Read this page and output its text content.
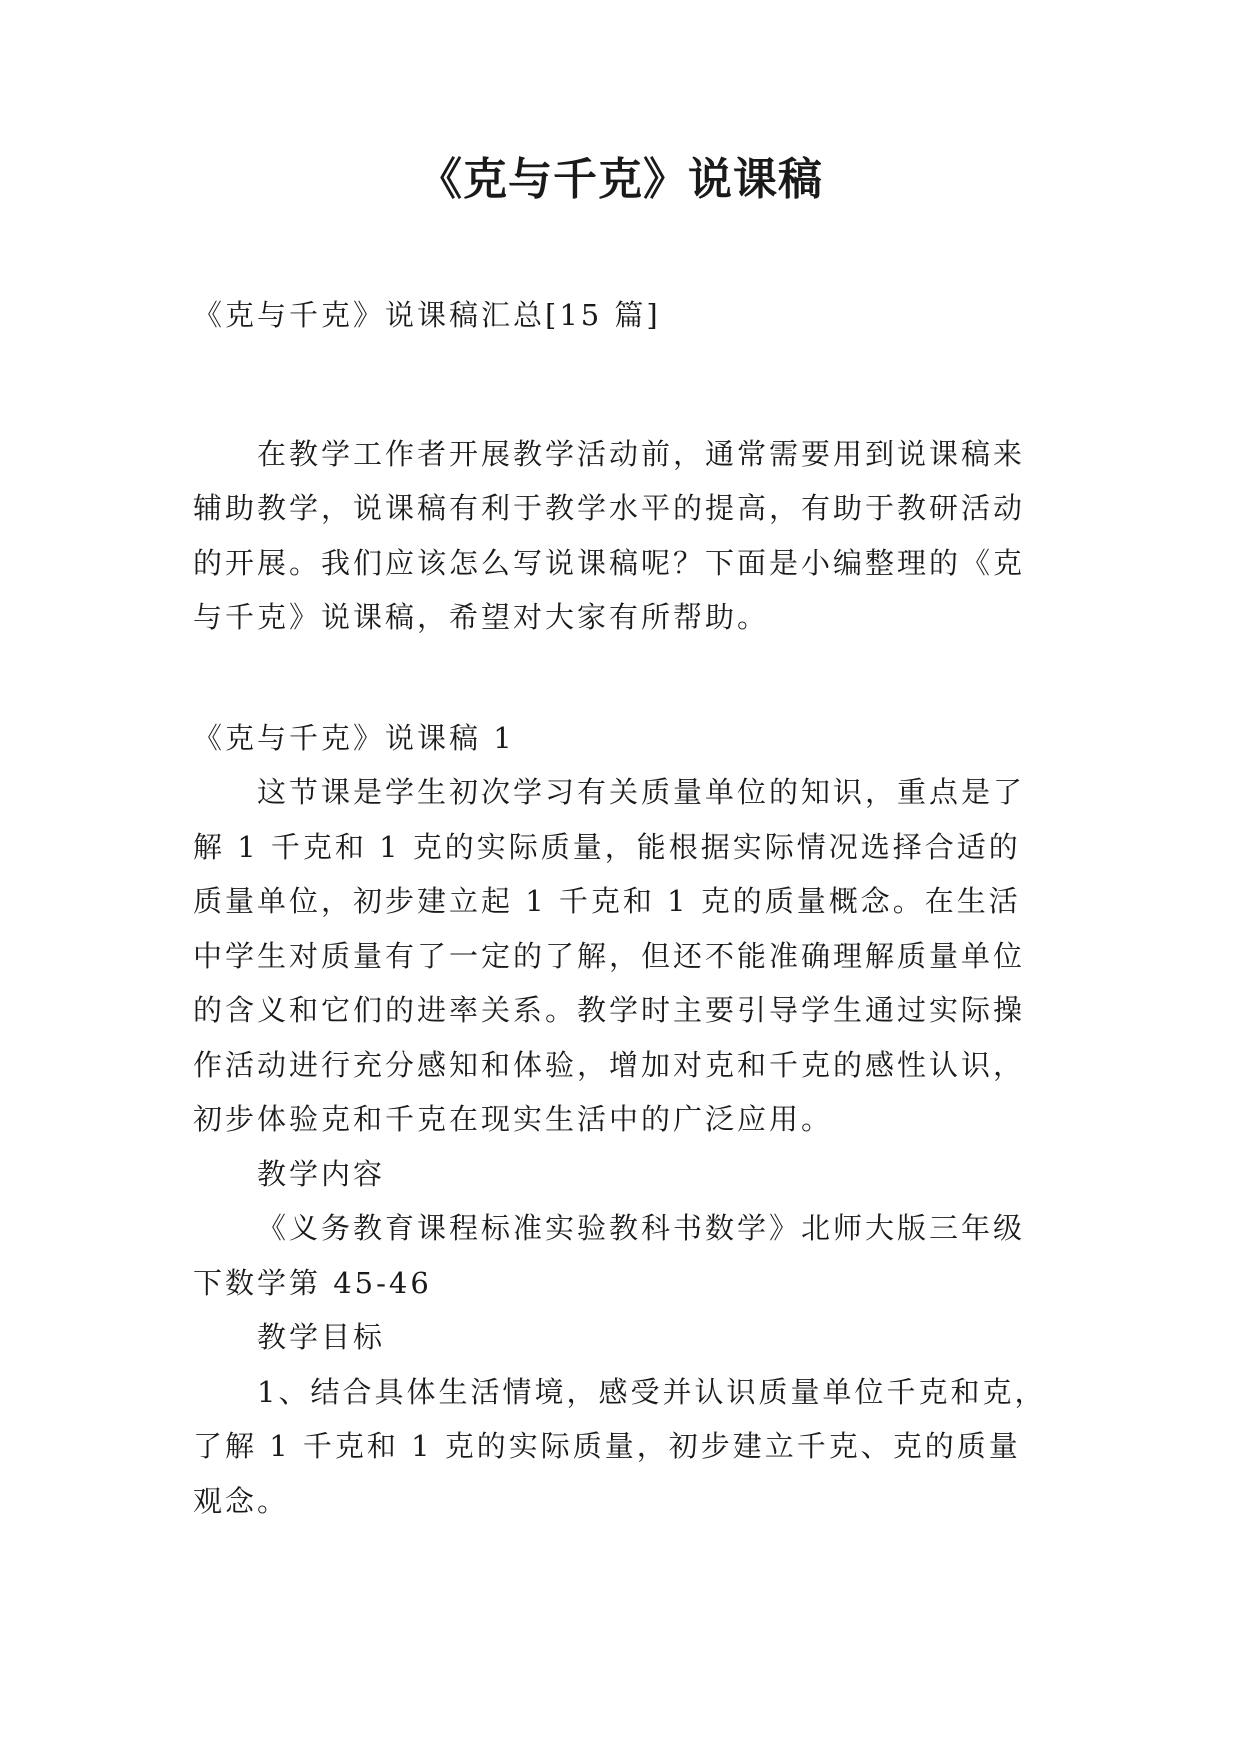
《克与千克》说课稿

《克与千克》说课稿汇总[15 篇]

在教学工作者开展教学活动前，通常需要用到说课稿来辅助教学，说课稿有利于教学水平的提高，有助于教研活动的开展。我们应该怎么写说课稿呢？下面是小编整理的《克与千克》说课稿，希望对大家有所帮助。

《克与千克》说课稿 1

这节课是学生初次学习有关质量单位的知识，重点是了解 1 千克和 1 克的实际质量，能根据实际情况选择合适的质量单位，初步建立起 1 千克和 1 克的质量概念。在生活中学生对质量有了一定的了解，但还不能准确理解质量单位的含义和它们的进率关系。教学时主要引导学生通过实际操作活动进行充分感知和体验，增加对克和千克的感性认识，初步体验克和千克在现实生活中的广泛应用。

教学内容

《义务教育课程标准实验教科书数学》北师大版三年级下数学第 45-46

教学目标

1、结合具体生活情境，感受并认识质量单位千克和克，了解 1 千克和 1 克的实际质量，初步建立千克、克的质量观念。
